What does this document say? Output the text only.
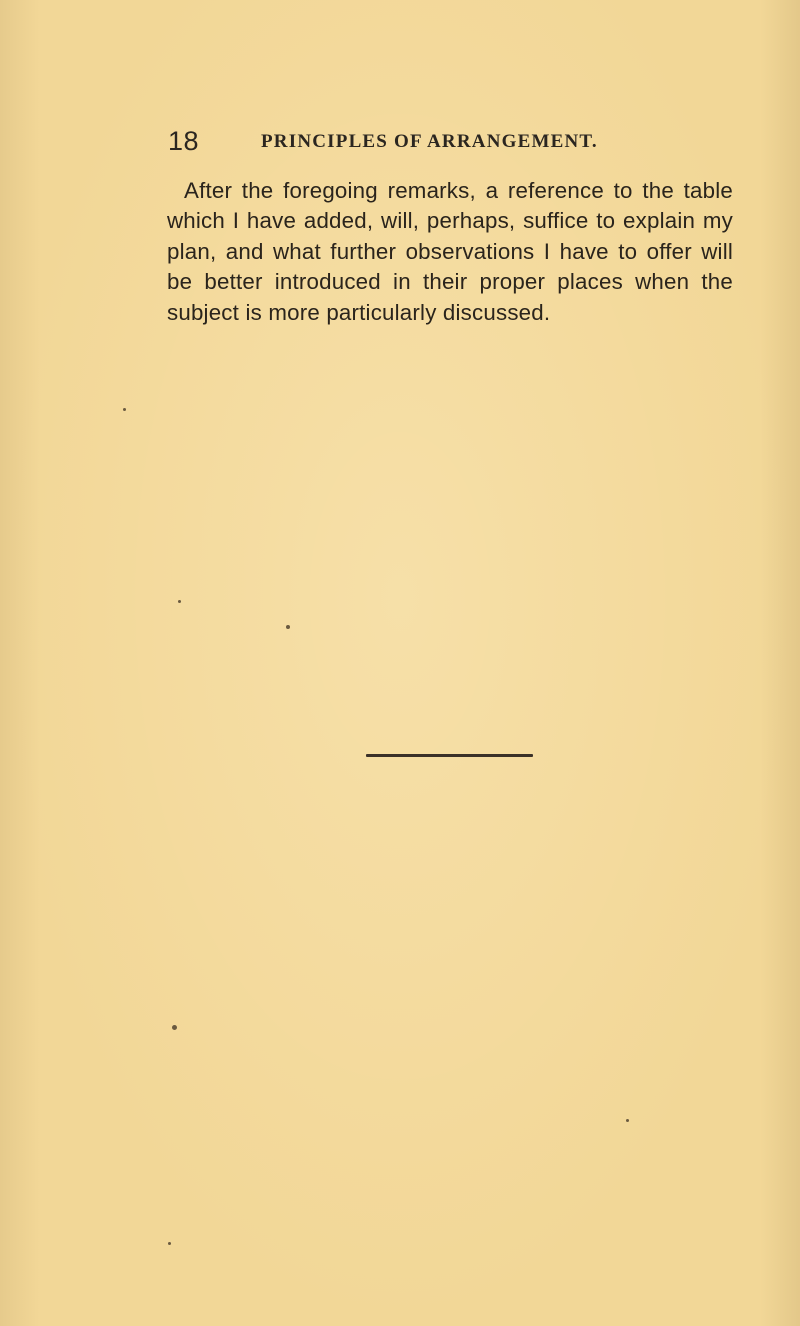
18	PRINCIPLES OF ARRANGEMENT.

After the foregoing remarks, a reference to the table which I have added, will, perhaps, suffice to explain my plan, and what further observations I have to offer will be better introduced in their proper places when the subject is more particularly discussed.
